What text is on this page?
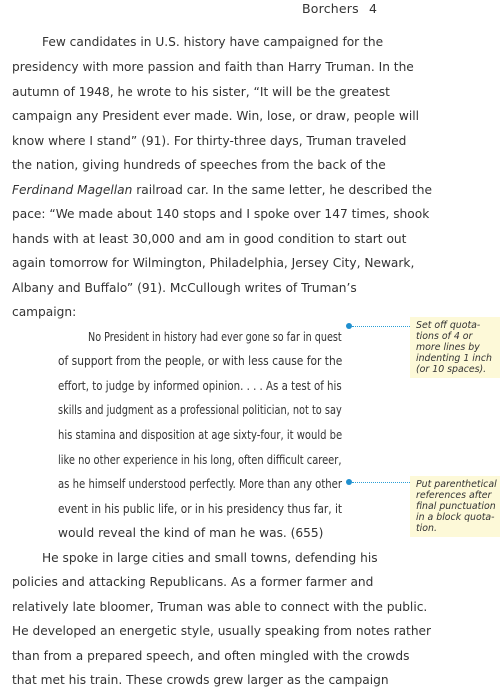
Borchers 4
Few candidates in U.S. history have campaigned for the
presidency with more passion and faith than Harry Truman. In the
autumn of 1948, he wrote to his sister, “It will be the greatest
campaign any President ever made. Win, lose, or draw, people will
know where I stand” (91). For thirty-three days, Truman traveled
the nation, giving hundreds of speeches from the back of the
Ferdinand Magellan railroad car. In the same letter, he described the
pace: “We made about 140 stops and I spoke over 147 times, shook
hands with at least 30,000 and am in good condition to start out
again tomorrow for Wilmington, Philadelphia, Jersey City, Newark,
Albany and Buffalo” (91). McCullough writes of Truman’s
campaign:
No President in history had ever gone so far in quest
of support from the people, or with less cause for the
effort, to judge by informed opinion. . . . As a test of his
skills and judgment as a professional politician, not to say
his stamina and disposition at age sixty-four, it would be
like no other experience in his long, often difficult career,
as he himself understood perfectly. More than any other
event in his public life, or in his presidency thus far, it
would reveal the kind of man he was. (655)
He spoke in large cities and small towns, defending his
policies and attacking Republicans. As a former farmer and
relatively late bloomer, Truman was able to connect with the public.
He developed an energetic style, usually speaking from notes rather
than from a prepared speech, and often mingled with the crowds
that met his train. These crowds grew larger as the campaign
Set off quota-
tions of 4 or
more lines by
indenting 1 inch
(or 10 spaces).
Put parenthetical
references after
final punctuation
in a block quota-
tion.
